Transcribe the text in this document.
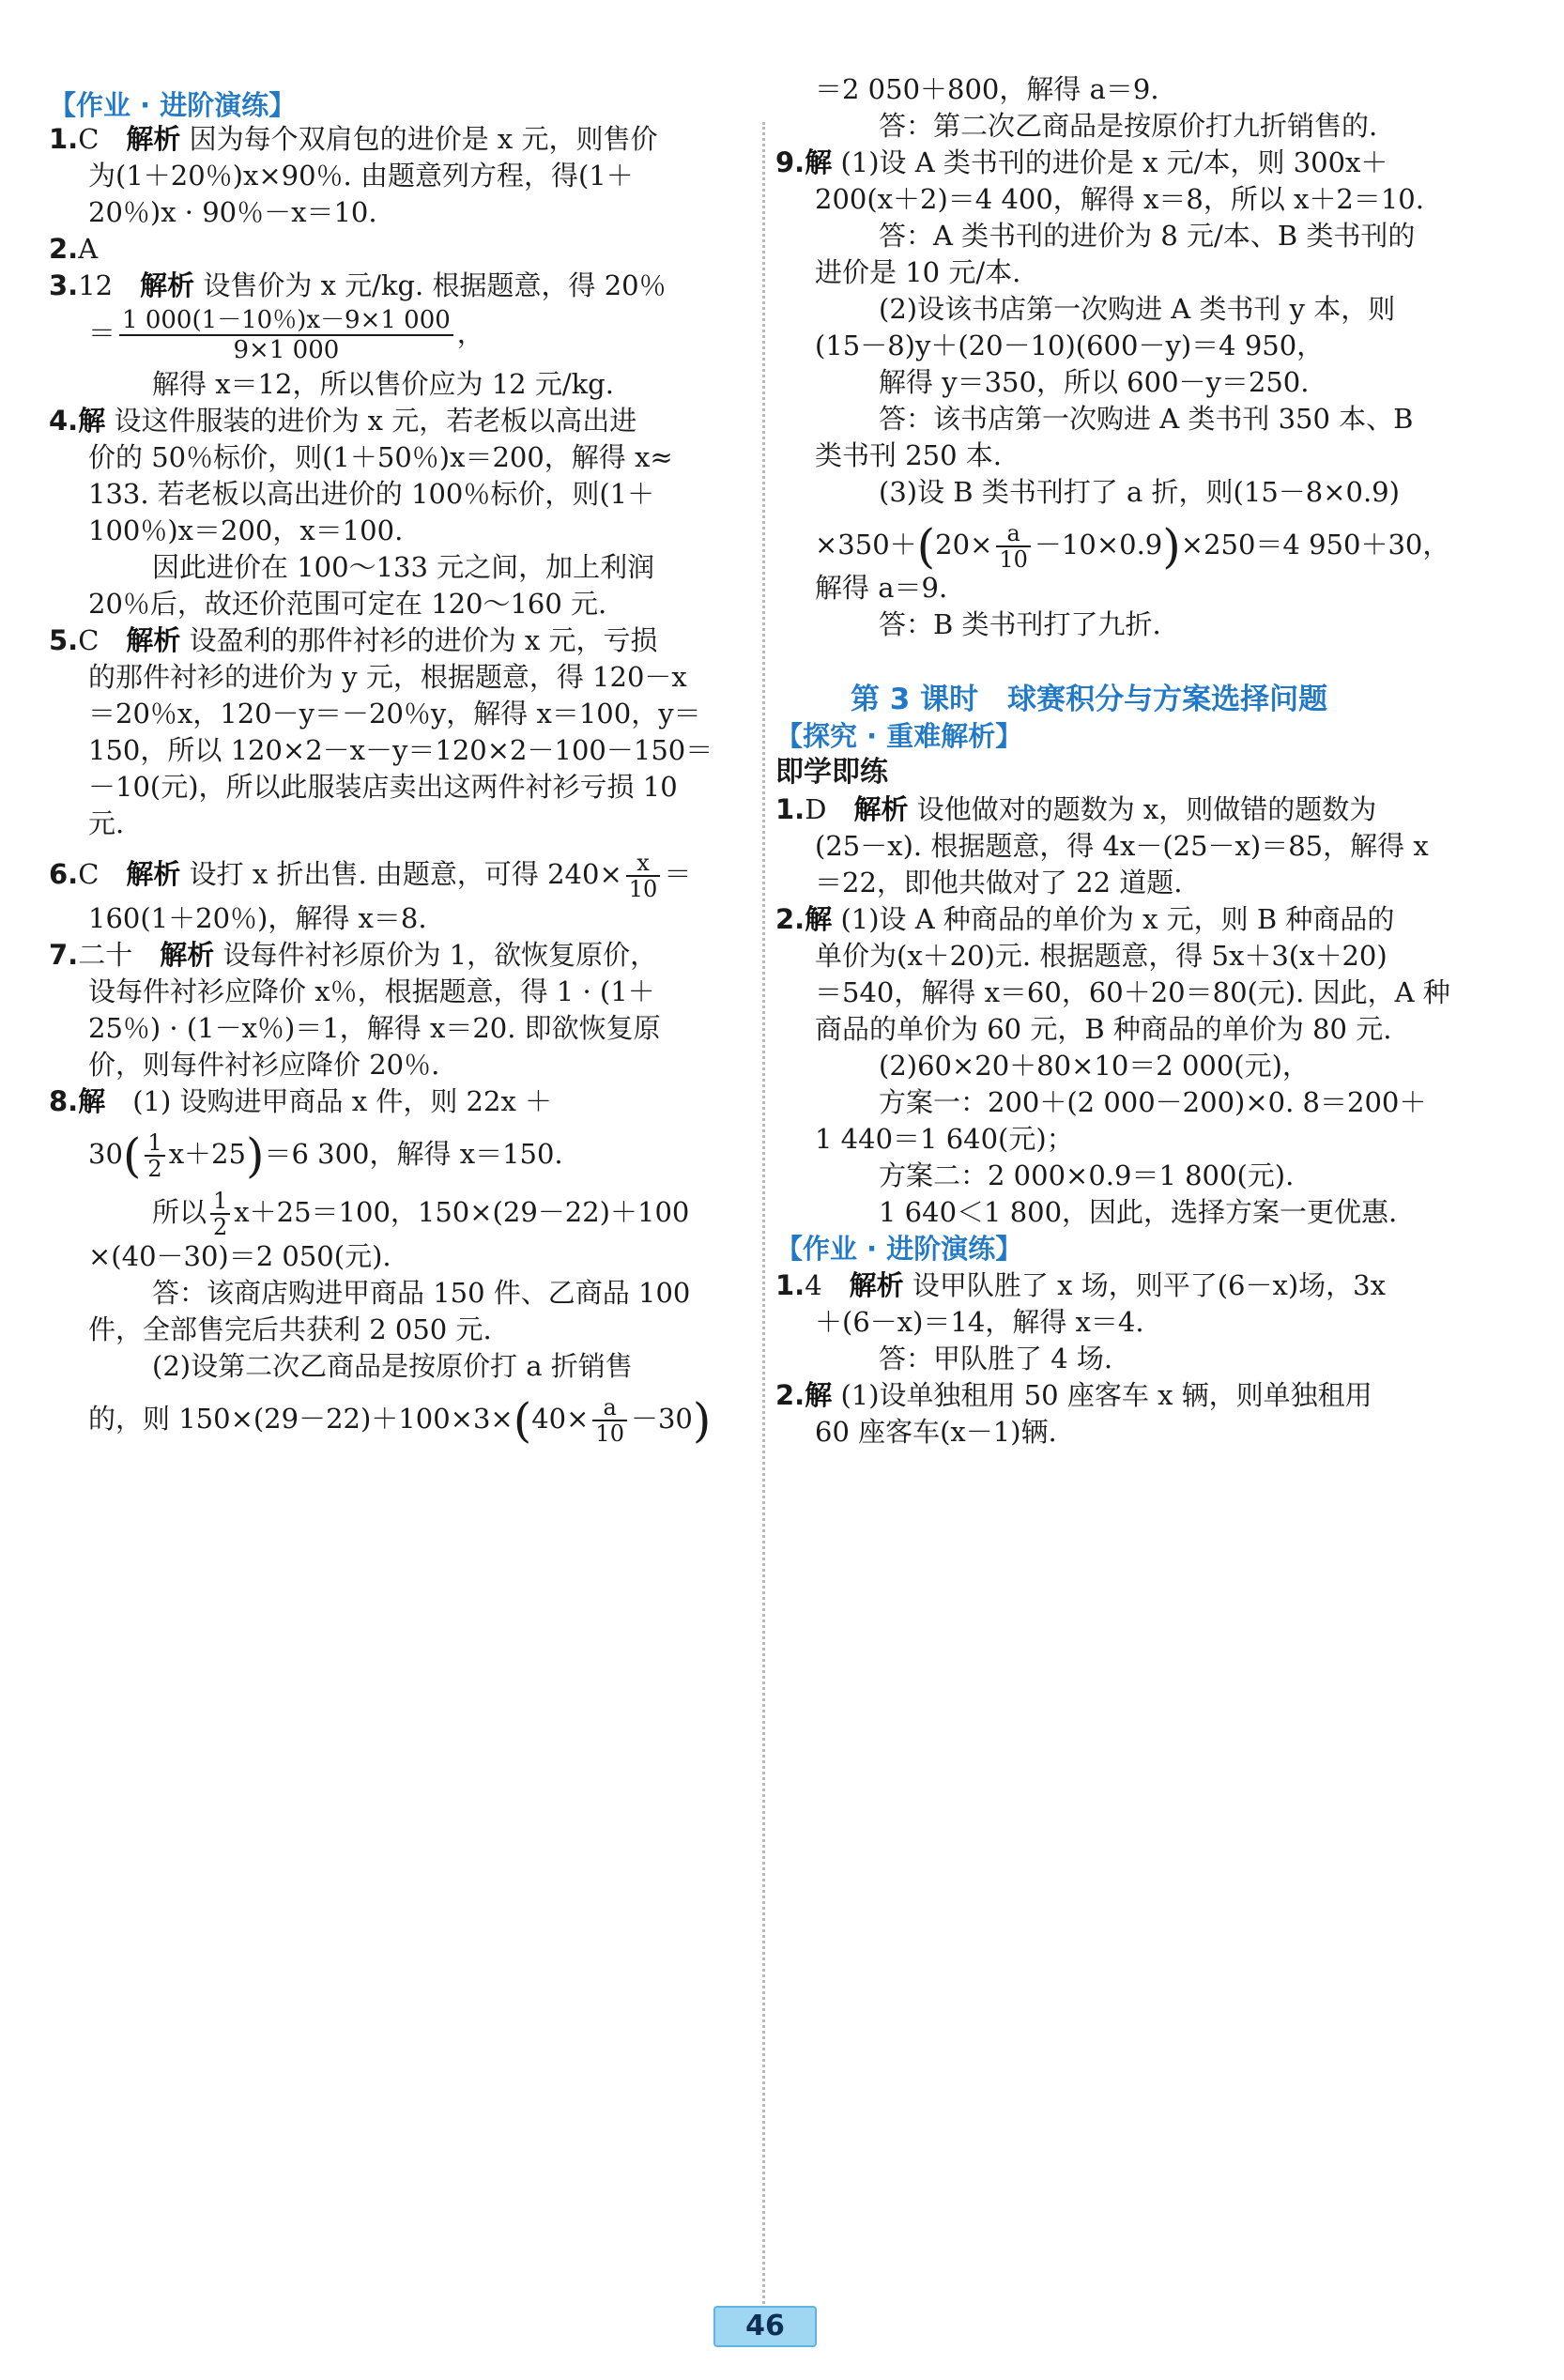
【作业 · 进阶演练】
1.C　 解析 因为每个双肩包的进价是 x 元，则售价
为(1＋20％)x×90％. 由题意列方程，得(1＋
20％)x · 90％－x＝10.
2.A
3.12　 解析 设售价为 x 元/kg. 根据题意，得 20％
＝ $\frac{1 000(1-10\%)x-9\times 1 000}{9\times 1 000}$ ，
解得 x＝12，所以售价应为 12 元/kg.
4.解 设这件服装的进价为 x 元，若老板以高出进
价的 50％标价，则(1＋50％)x＝200，解得 x≈
133. 若老板以高出进价的 100％标价，则(1＋
100％)x＝200，x＝100.
因此进价在 100～133 元之间，加上利润
20％后，故还价范围可定在 120～160 元.
5.C　 解析 设盈利的那件衬衫的进价为 x 元，亏损
的那件衬衫的进价为 y 元，根据题意，得 120－x
＝20％x，120－y＝－20％y，解得 x＝100，y＝
150，所以 120×2－x－y＝120×2－100－150＝
－10(元)，所以此服装店卖出这两件衬衫亏损 10
元.
6.C　 解析 设打 x 折出售. 由题意，可得 $240\times \frac{x}{10}$ ＝
160(1＋20％)，解得 x＝8.
7.二十　 解析 设每件衬衫原价为 1，欲恢复原价，
设每件衬衫应降价 x％，根据题意，得 1 · (1＋
25％) · (1－x％)＝1，解得 x＝20. 即欲恢复原
价，则每件衬衫应降价 20％.
8.解　 (1) 设购进甲商品 x 件，则 22x ＋
$30( \frac{1}{2} x+25)=6$ 300，解得 x＝150.
所以 $\frac{1}{2} x+25=100$，150×(29－22)＋100
×(40－30)＝2 050(元).
答：该商店购进甲商品 150 件、乙商品 100
件，全部售完后共获利 2 050 元.
(2)设第二次乙商品是按原价打 a 折销售
的，则 $150\times(29-22)+100\times 3\times(40\times \frac{a}{10} -30)$
＝2 050＋800，解得 a＝9.
答：第二次乙商品是按原价打九折销售的.
9.解 (1)设 A 类书刊的进价是 x 元/本，则 300x＋
200(x＋2)＝4 400，解得 x＝8，所以 x＋2＝10.
答：A 类书刊的进价为 8 元/本、B 类书刊的
进价是 10 元/本.
(2)设该书店第一次购进 A 类书刊 y 本，则
(15－8)y＋(20－10)(600－y)＝4 950，
解得 y＝350，所以 600－y＝250.
答：该书店第一次购进 A 类书刊 350 本、B
类书刊 250 本.
(3)设 B 类书刊打了 a 折，则(15－8×0.9)
$\times 350+(20\times \frac{a}{10} -10\times 0.9)\times 250=4$ 950＋30，
解得 a＝9.
答：B 类书刊打了九折.
第 3 课时　球赛积分与方案选择问题
【探究 · 重难解析】
即学即练
1.D　 解析 设他做对的题数为 x，则做错的题数为
(25－x). 根据题意，得 4x－(25－x)＝85，解得 x
＝22，即他共做对了 22 道题.
2.解 (1)设 A 种商品的单价为 x 元，则 B 种商品的
单价为(x＋20)元. 根据题意，得 5x＋3(x＋20)
＝540，解得 x＝60，60＋20＝80(元). 因此，A 种
商品的单价为 60 元，B 种商品的单价为 80 元.
(2)60×20＋80×10＝2 000(元)，
方案一：200＋(2 000－200)×0. 8＝200＋
1 440＝1 640(元)；
方案二：2 000×0.9＝1 800(元).
1 640＜1 800，因此，选择方案一更优惠.
【作业 · 进阶演练】
1.4　 解析 设甲队胜了 x 场，则平了(6－x)场，3x
＋(6－x)＝14，解得 x＝4.
答：甲队胜了 4 场.
2.解 (1)设单独租用 50 座客车 x 辆，则单独租用
60 座客车(x－1)辆.
46
